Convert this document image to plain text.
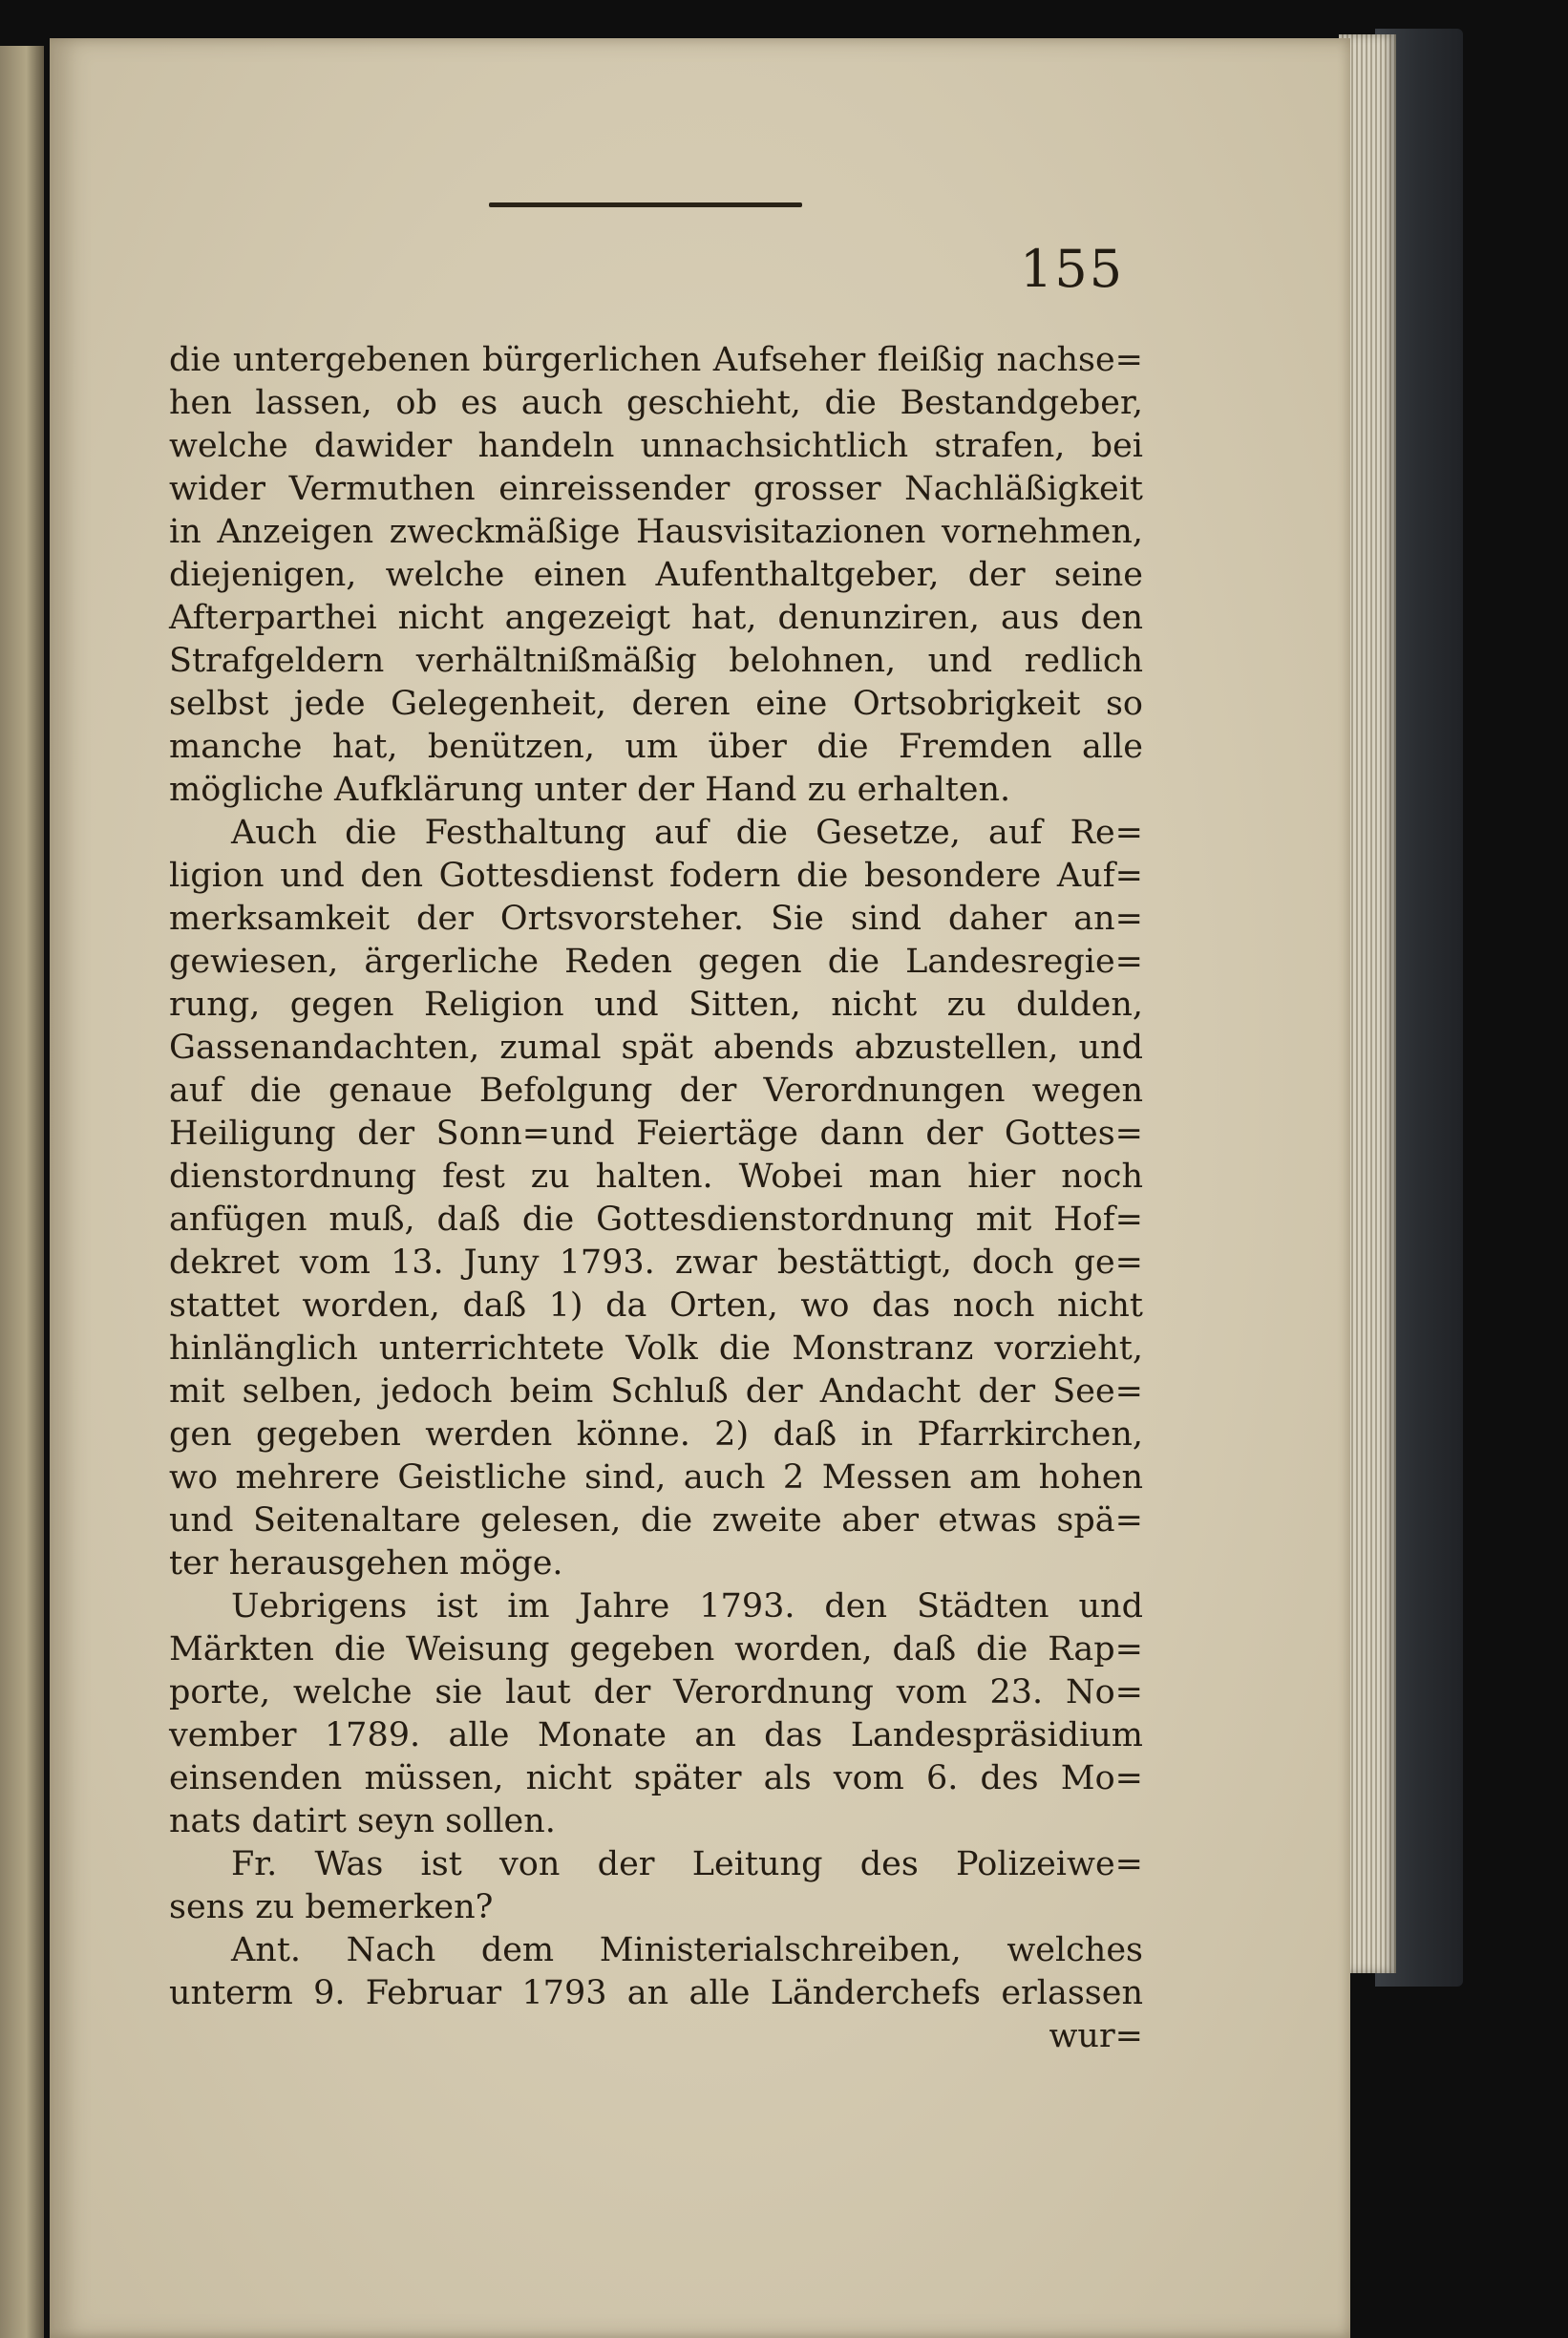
155
die untergebenen bürgerlichen Aufseher fleißig nachse=
hen lassen, ob es auch geschieht, die Bestandgeber,
welche dawider handeln unnachsichtlich strafen, bei
wider Vermuthen einreissender grosser Nachläßigkeit
in Anzeigen zweckmäßige Hausvisitazionen vornehmen,
diejenigen, welche einen Aufenthaltgeber, der seine
Afterparthei nicht angezeigt hat, denunziren, aus den
Strafgeldern verhältnißmäßig belohnen, und redlich
selbst jede Gelegenheit, deren eine Ortsobrigkeit so
manche hat, benützen, um über die Fremden alle
mögliche Aufklärung unter der Hand zu erhalten.
Auch die Festhaltung auf die Gesetze, auf Re=
ligion und den Gottesdienst fodern die besondere Auf=
merksamkeit der Ortsvorsteher. Sie sind daher an=
gewiesen, ärgerliche Reden gegen die Landesregie=
rung, gegen Religion und Sitten, nicht zu dulden,
Gassenandachten, zumal spät abends abzustellen, und
auf die genaue Befolgung der Verordnungen wegen
Heiligung der Sonn=und Feiertäge dann der Gottes=
dienstordnung fest zu halten. Wobei man hier noch
anfügen muß, daß die Gottesdienstordnung mit Hof=
dekret vom 13. Juny 1793. zwar bestättigt, doch ge=
stattet worden, daß 1) da Orten, wo das noch nicht
hinlänglich unterrichtete Volk die Monstranz vorzieht,
mit selben, jedoch beim Schluß der Andacht der See=
gen gegeben werden könne. 2) daß in Pfarrkirchen,
wo mehrere Geistliche sind, auch 2 Messen am hohen
und Seitenaltare gelesen, die zweite aber etwas spä=
ter herausgehen möge.
Uebrigens ist im Jahre 1793. den Städten und
Märkten die Weisung gegeben worden, daß die Rap=
porte, welche sie laut der Verordnung vom 23. No=
vember 1789. alle Monate an das Landespräsidium
einsenden müssen, nicht später als vom 6. des Mo=
nats datirt seyn sollen.
Fr. Was ist von der Leitung des Polizeiwe=
sens zu bemerken?
Ant. Nach dem Ministerialschreiben, welches
unterm 9. Februar 1793 an alle Länderchefs erlassen
wur=
